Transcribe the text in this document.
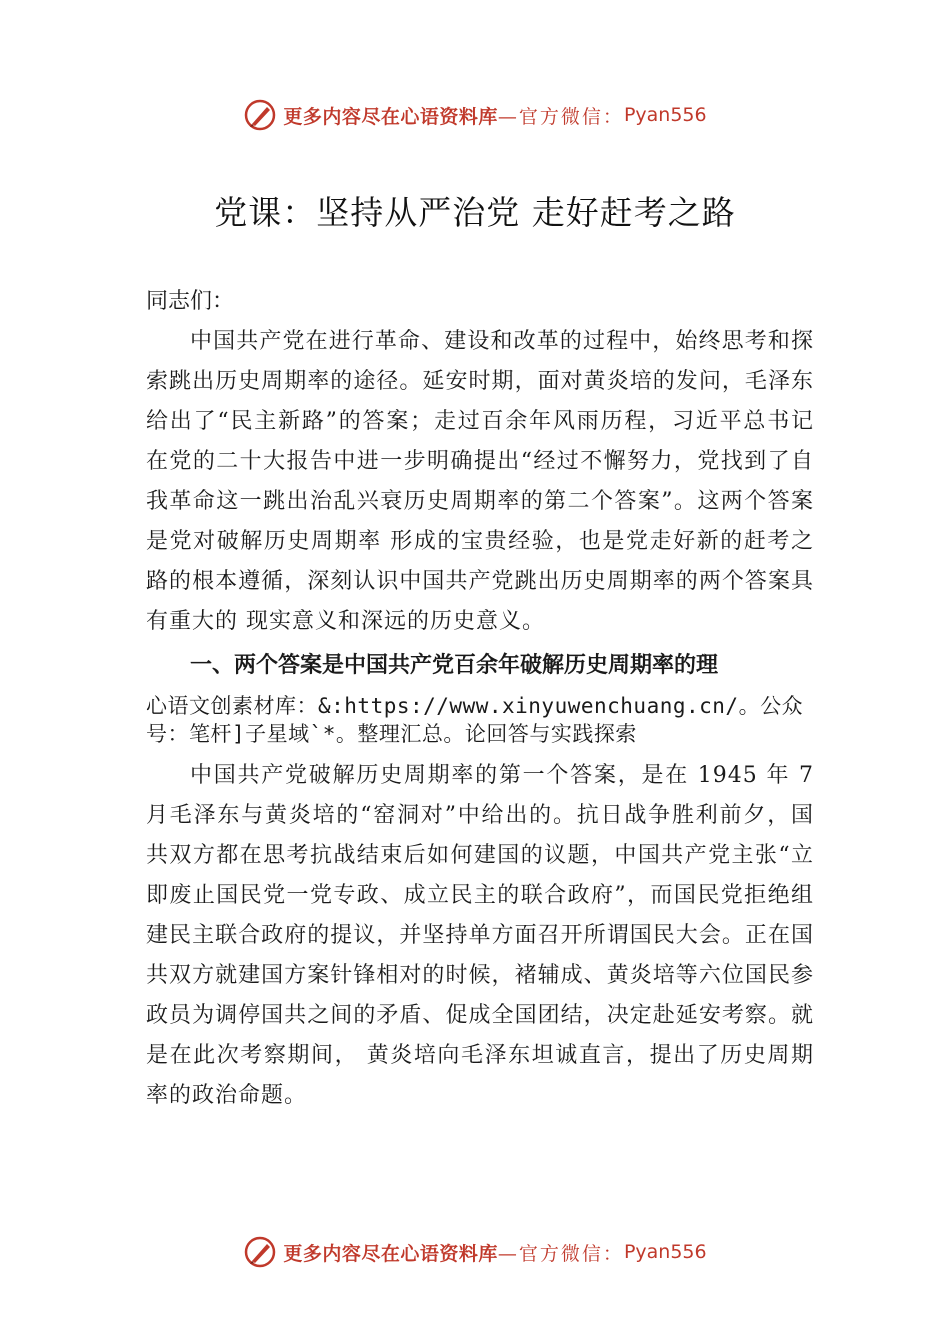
更多内容尽在心语资料库 —官方微信： Pyan556
党课：坚持从严治党 走好赶考之路

同志们：

中国共产党在进行革命、建设和改革的过程中，始终思考和探索跳出历史周期率的途径。延安时期，面对黄炎培的发问，毛泽东给出了“民主新路”的答案；走过百余年风雨历程，习近平总书记在党的二十大报告中进一步明确提出“经过不懈努力，党找到了自我革命这一跳出治乱兴衰历史周期率的第二个答案”。这两个答案是党对破解历史周期率 形成的宝贵经验，也是党走好新的赶考之路的根本遵循，深刻认识中国共产党跳出历史周期率的两个答案具有重大的 现实意义和深远的历史意义。

一、两个答案是中国共产党百余年破解历史周期率的理

心语文创素材库：&:https://www.xinyuwenchuang.cn/。公众号：笔杆]子星域`*。整理汇总。论回答与实践探索

中国共产党破解历史周期率的第一个答案，是在 1945 年 7 月毛泽东与黄炎培的“窑洞对”中给出的。抗日战争胜利前夕，国共双方都在思考抗战结束后如何建国的议题，中国共产党主张“立即废止国民党一党专政、成立民主的联合政府”，而国民党拒绝组建民主联合政府的提议，并坚持单方面召开所谓国民大会。正在国共双方就建国方案针锋相对的时候，褚辅成、黄炎培等六位国民参政员为调停国共之间的矛盾、促成全国团结，决定赴延安考察。就是在此次考察期间， 黄炎培向毛泽东坦诚直言，提出了历史周期率的政治命题。

更多内容尽在心语资料库 —官方微信： Pyan556
